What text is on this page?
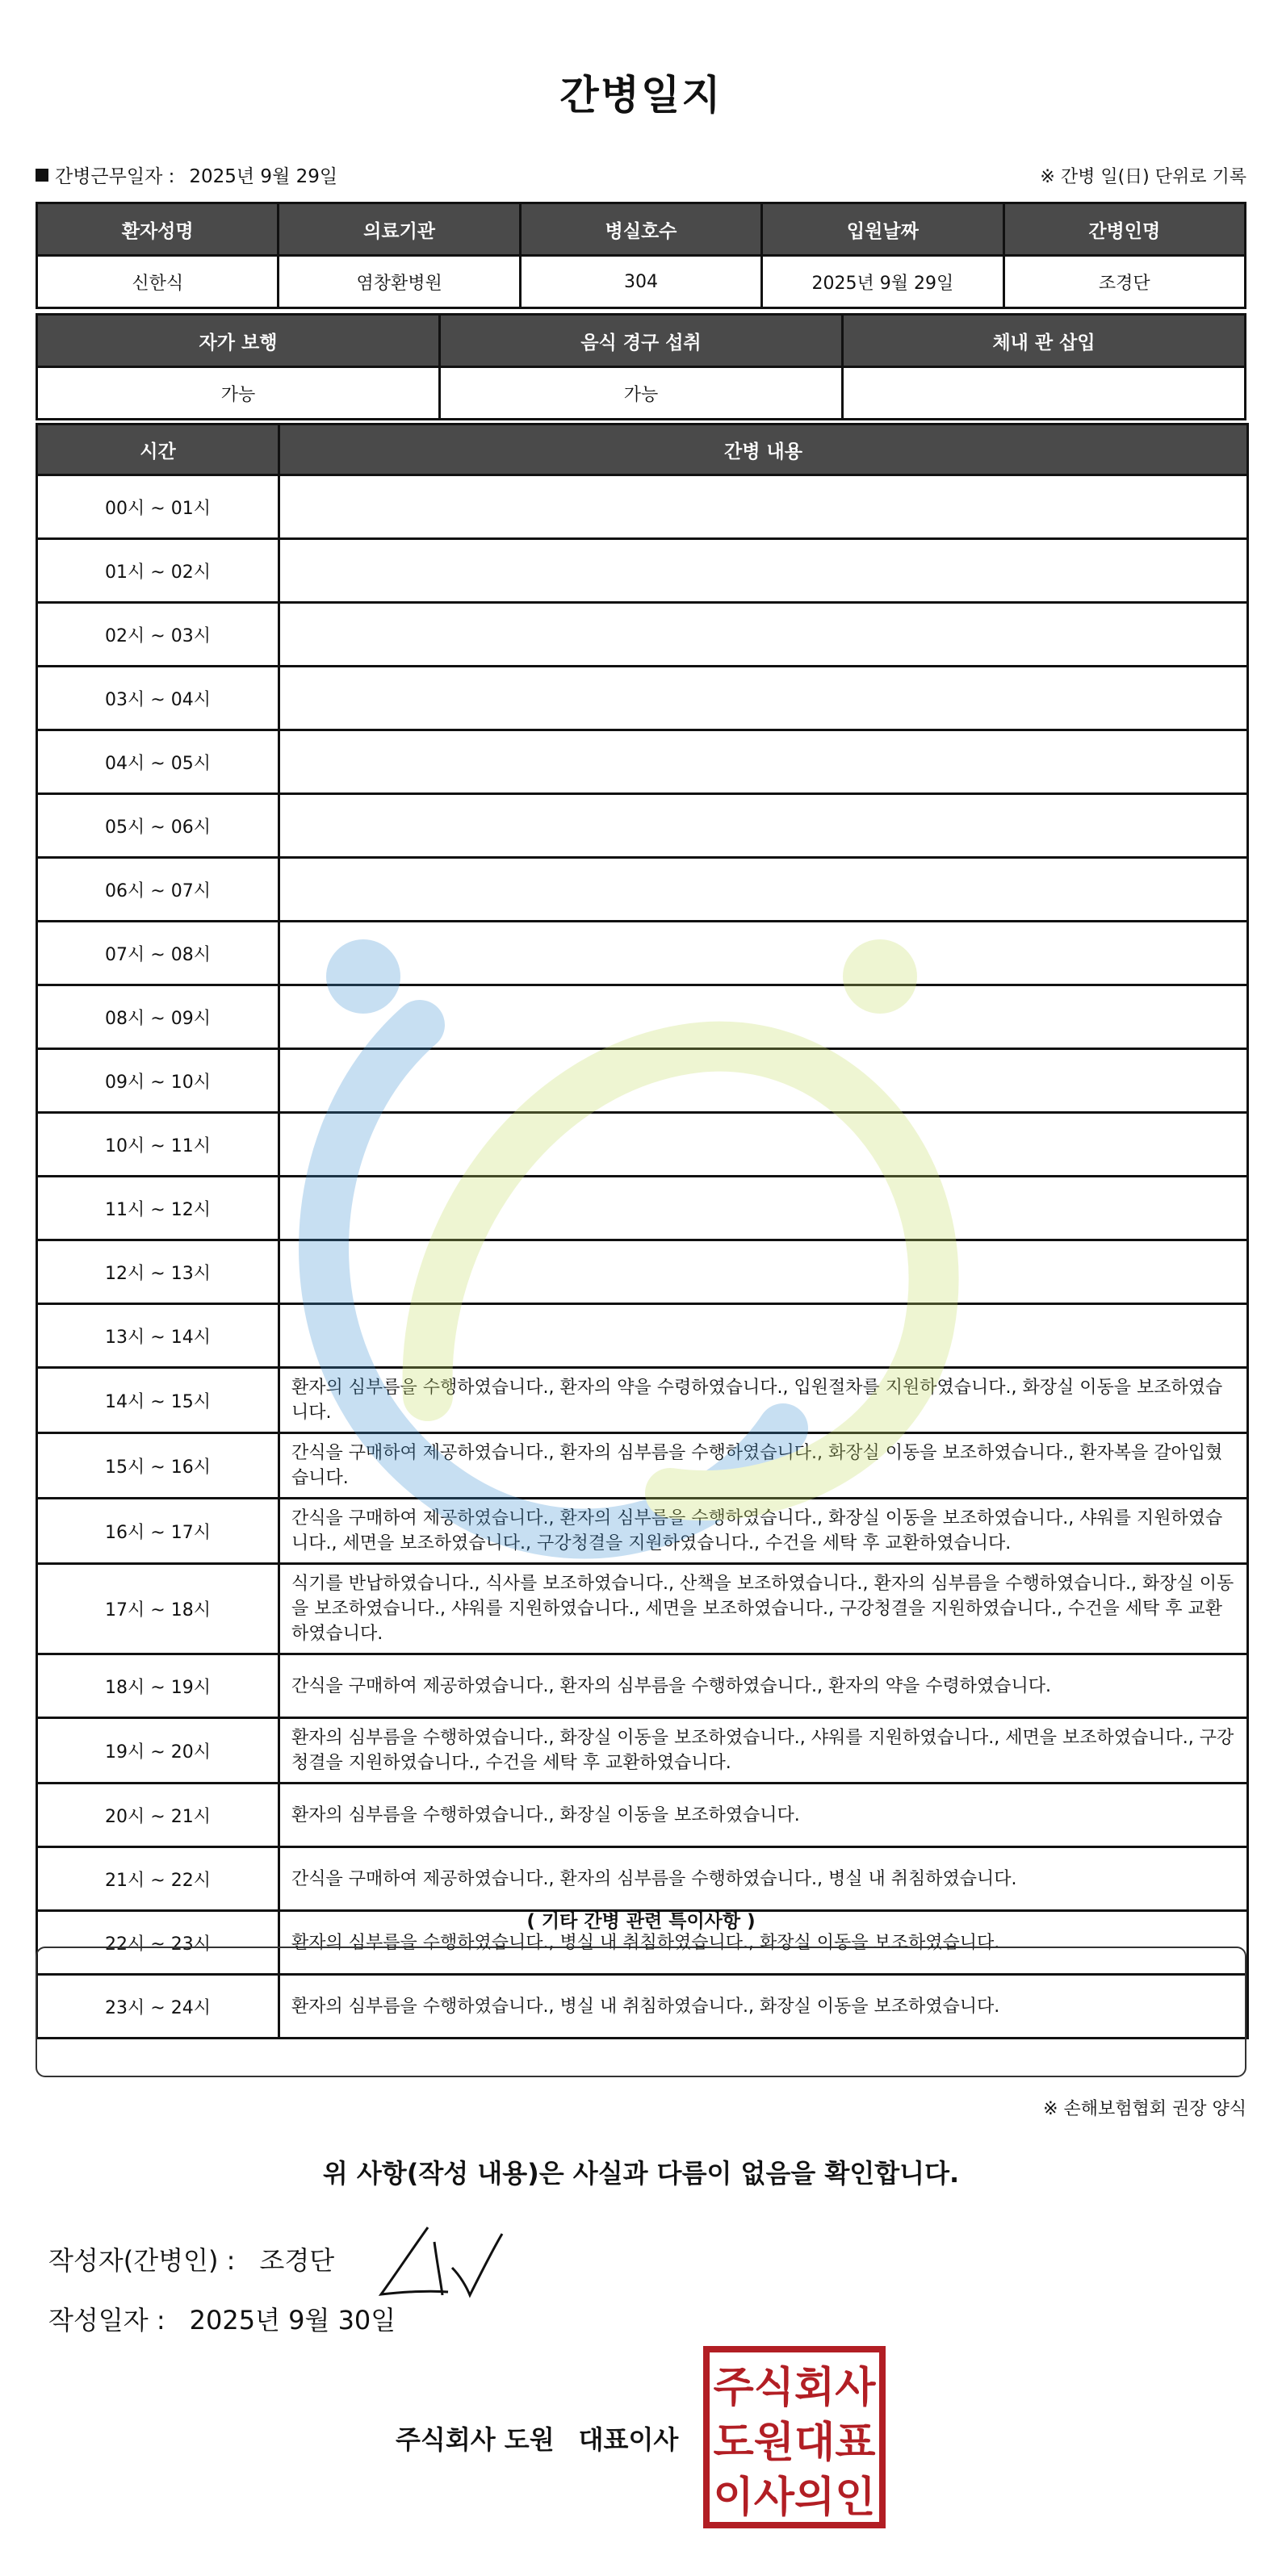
간병일지
간병근무일자 : 2025년 9월 29일	※ 간병 일(日) 단위로 기록
환자성명	의료기관	병실호수	입원날짜	간병인명
신한식	염창환병원	304	2025년 9월 29일	조경단
자가 보행	음식 경구 섭취	체내 관 삽입
가능	가능	
시간	간병 내용
00시 ~ 01시	
01시 ~ 02시	
02시 ~ 03시	
03시 ~ 04시	
04시 ~ 05시	
05시 ~ 06시	
06시 ~ 07시	
07시 ~ 08시	
08시 ~ 09시	
09시 ~ 10시	
10시 ~ 11시	
11시 ~ 12시	
12시 ~ 13시	
13시 ~ 14시	
14시 ~ 15시	환자의 심부름을 수행하였습니다., 환자의 약을 수령하였습니다., 입원절차를 지원하였습니다., 화장실 이동을 보조하였습니다.
15시 ~ 16시	간식을 구매하여 제공하였습니다., 환자의 심부름을 수행하였습니다., 화장실 이동을 보조하였습니다., 환자복을 갈아입혔습니다.
16시 ~ 17시	간식을 구매하여 제공하였습니다., 환자의 심부름을 수행하였습니다., 화장실 이동을 보조하였습니다., 샤워를 지원하였습니다., 세면을 보조하였습니다., 구강청결을 지원하였습니다., 수건을 세탁 후 교환하였습니다.
17시 ~ 18시	식기를 반납하였습니다., 식사를 보조하였습니다., 산책을 보조하였습니다., 환자의 심부름을 수행하였습니다., 화장실 이동을 보조하였습니다., 샤워를 지원하였습니다., 세면을 보조하였습니다., 구강청결을 지원하였습니다., 수건을 세탁 후 교환하였습니다.
18시 ~ 19시	간식을 구매하여 제공하였습니다., 환자의 심부름을 수행하였습니다., 환자의 약을 수령하였습니다.
19시 ~ 20시	환자의 심부름을 수행하였습니다., 화장실 이동을 보조하였습니다., 샤워를 지원하였습니다., 세면을 보조하였습니다., 구강청결을 지원하였습니다., 수건을 세탁 후 교환하였습니다.
20시 ~ 21시	환자의 심부름을 수행하였습니다., 화장실 이동을 보조하였습니다.
21시 ~ 22시	간식을 구매하여 제공하였습니다., 환자의 심부름을 수행하였습니다., 병실 내 취침하였습니다.
22시 ~ 23시	환자의 심부름을 수행하였습니다., 병실 내 취침하였습니다., 화장실 이동을 보조하였습니다.
23시 ~ 24시	환자의 심부름을 수행하였습니다., 병실 내 취침하였습니다., 화장실 이동을 보조하였습니다.
( 기타 간병 관련 특이사항 )
※ 손해보험협회 권장 양식
위 사항(작성 내용)은 사실과 다름이 없음을 확인합니다.
작성자(간병인) : 조경단
작성일자 : 2025년 9월 30일
주식회사 도원 대표이사
주식회사
도원대표
이사의인
